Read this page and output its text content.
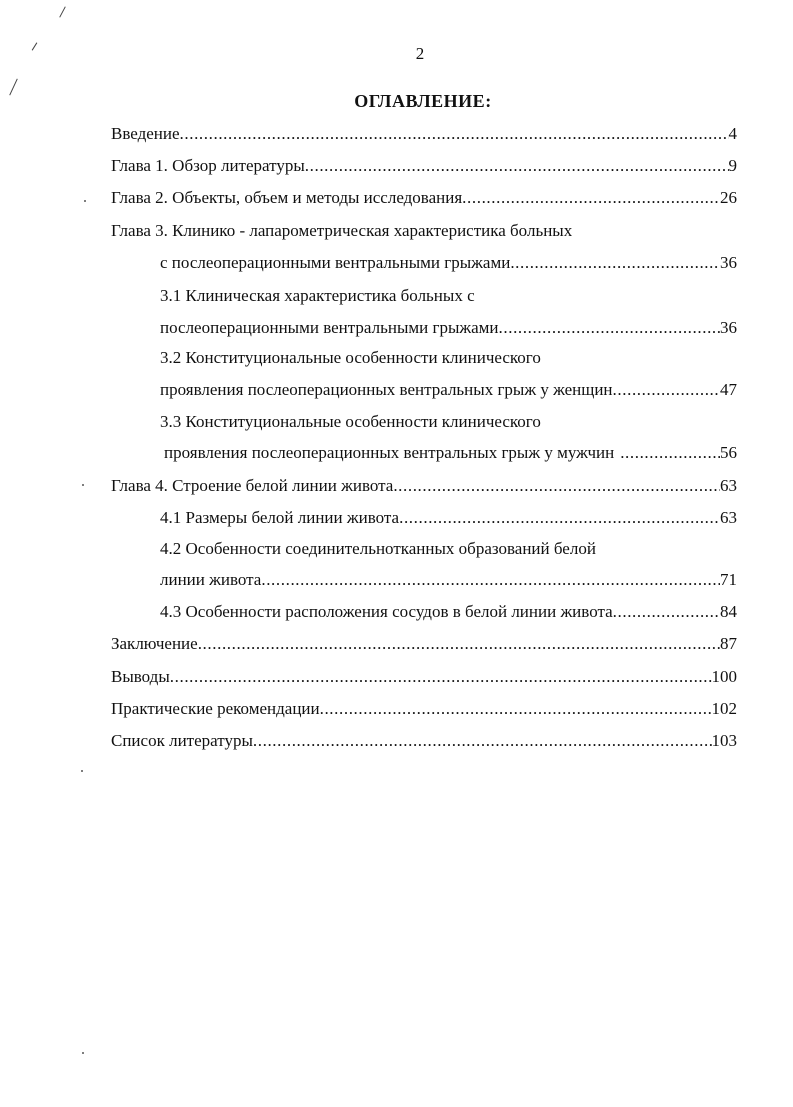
2
ОГЛАВЛЕНИЕ:
Введение .....	4
Глава 1. Обзор литературы .....	9
Глава 2. Объекты, объем и методы исследования .....	26
Глава 3. Клинико - лапарометрическая характеристика больных
с послеоперационными вентральными грыжами .....	36
3.1 Клиническая характеристика больных с
послеоперационными вентральными грыжами .....	36
3.2 Конституциональные особенности клинического
проявления послеоперационных вентральных грыж у женщин .....	47
3.3 Конституциональные особенности клинического
проявления послеоперационных вентральных грыж у мужчин .....	56
Глава 4. Строение белой линии живота .....	63
4.1 Размеры белой линии живота .....	63
4.2 Особенности соединительнотканных образований белой
линии живота .....	71
4.3 Особенности расположения сосудов в белой линии живота .....	84
Заключение .....	87
Выводы .....	100
Практические рекомендации .....	102
Список литературы .....	103
